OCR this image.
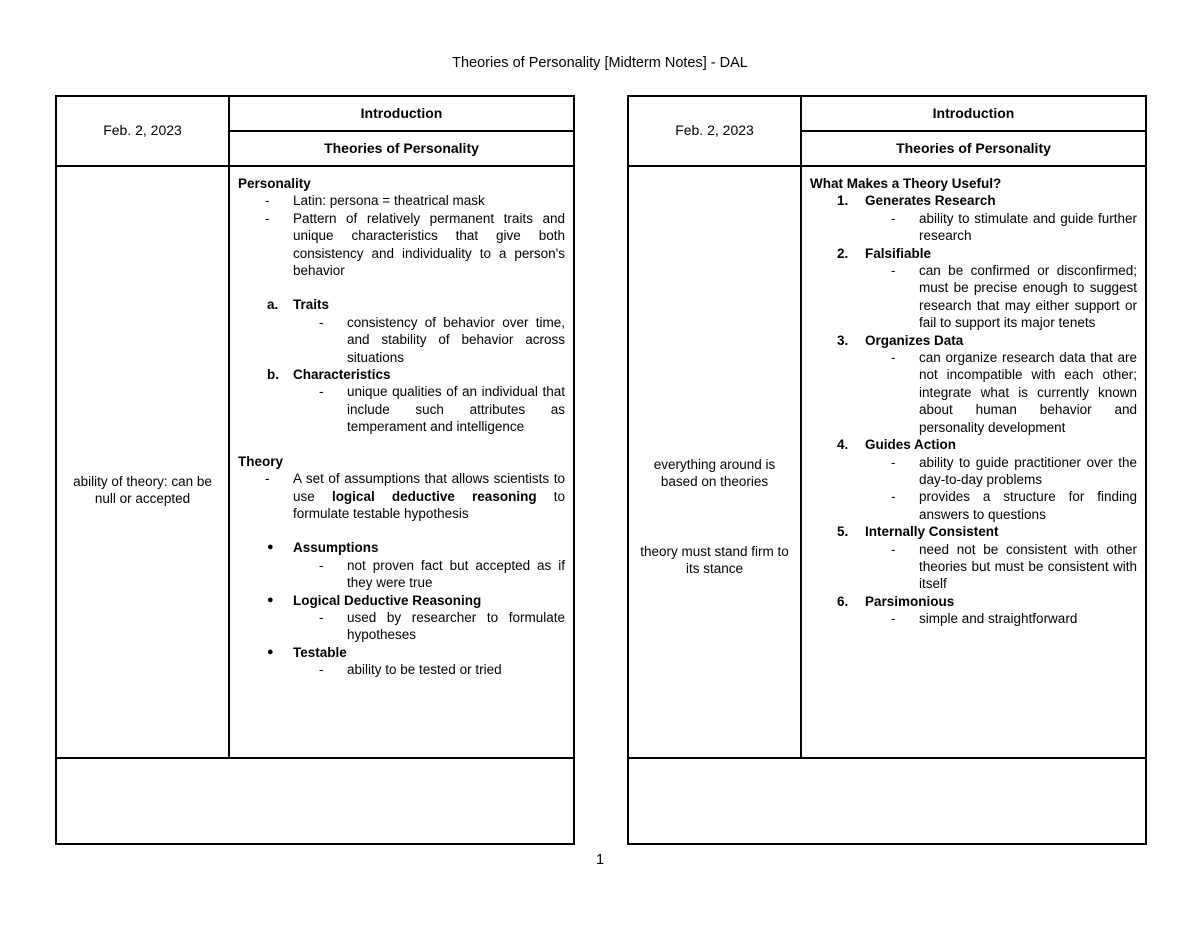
Theories of Personality [Midterm Notes] - DAL
Feb. 2, 2023
Introduction
Theories of Personality
ability of theory: can be null or accepted
Personality
- Latin: persona = theatrical mask
- Pattern of relatively permanent traits and unique characteristics that give both consistency and individuality to a person's behavior
a. Traits
- consistency of behavior over time, and stability of behavior across situations
b. Characteristics
- unique qualities of an individual that include such attributes as temperament and intelligence
Theory
- A set of assumptions that allows scientists to use logical deductive reasoning to formulate testable hypothesis
● Assumptions
- not proven fact but accepted as if they were true
● Logical Deductive Reasoning
- used by researcher to formulate hypotheses
● Testable
- ability to be tested or tried
Feb. 2, 2023
Introduction
Theories of Personality
everything around is based on theories
theory must stand firm to its stance
What Makes a Theory Useful?
1. Generates Research
- ability to stimulate and guide further research
2. Falsifiable
- can be confirmed or disconfirmed; must be precise enough to suggest research that may either support or fail to support its major tenets
3. Organizes Data
- can organize research data that are not incompatible with each other; integrate what is currently known about human behavior and personality development
4. Guides Action
- ability to guide practitioner over the day-to-day problems
- provides a structure for finding answers to questions
5. Internally Consistent
- need not be consistent with other theories but must be consistent with itself
6. Parsimonious
- simple and straightforward
1
